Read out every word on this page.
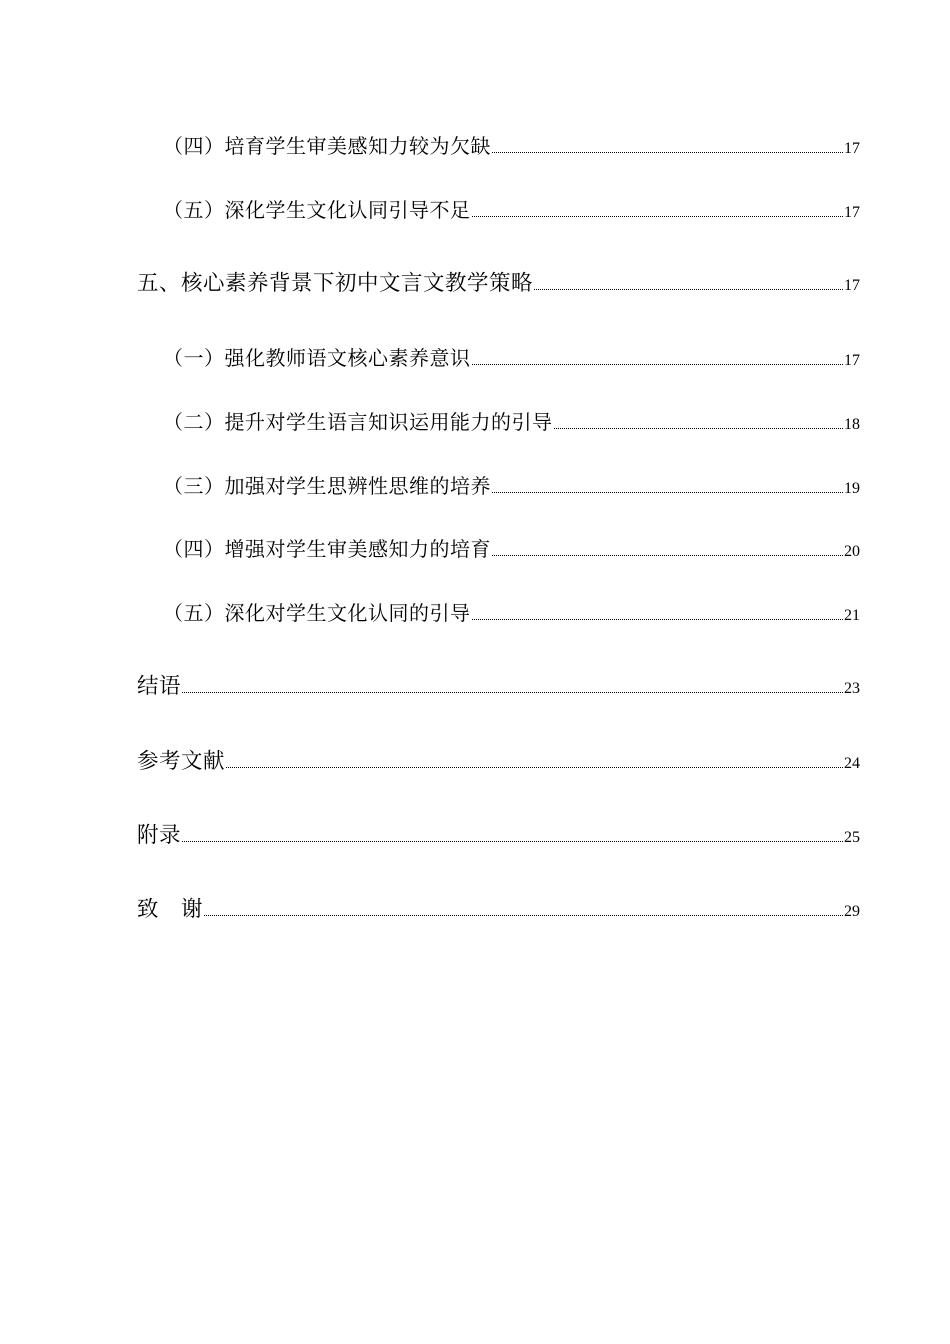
（四）培育学生审美感知力较为欠缺	17
（五）深化学生文化认同引导不足	17
五、核心素养背景下初中文言文教学策略	17
（一）强化教师语文核心素养意识	17
（二）提升对学生语言知识运用能力的引导	18
（三）加强对学生思辨性思维的培养	19
（四）增强对学生审美感知力的培育	20
（五）深化对学生文化认同的引导	21
结语	23
参考文献	24
附录	25
致　谢	29
